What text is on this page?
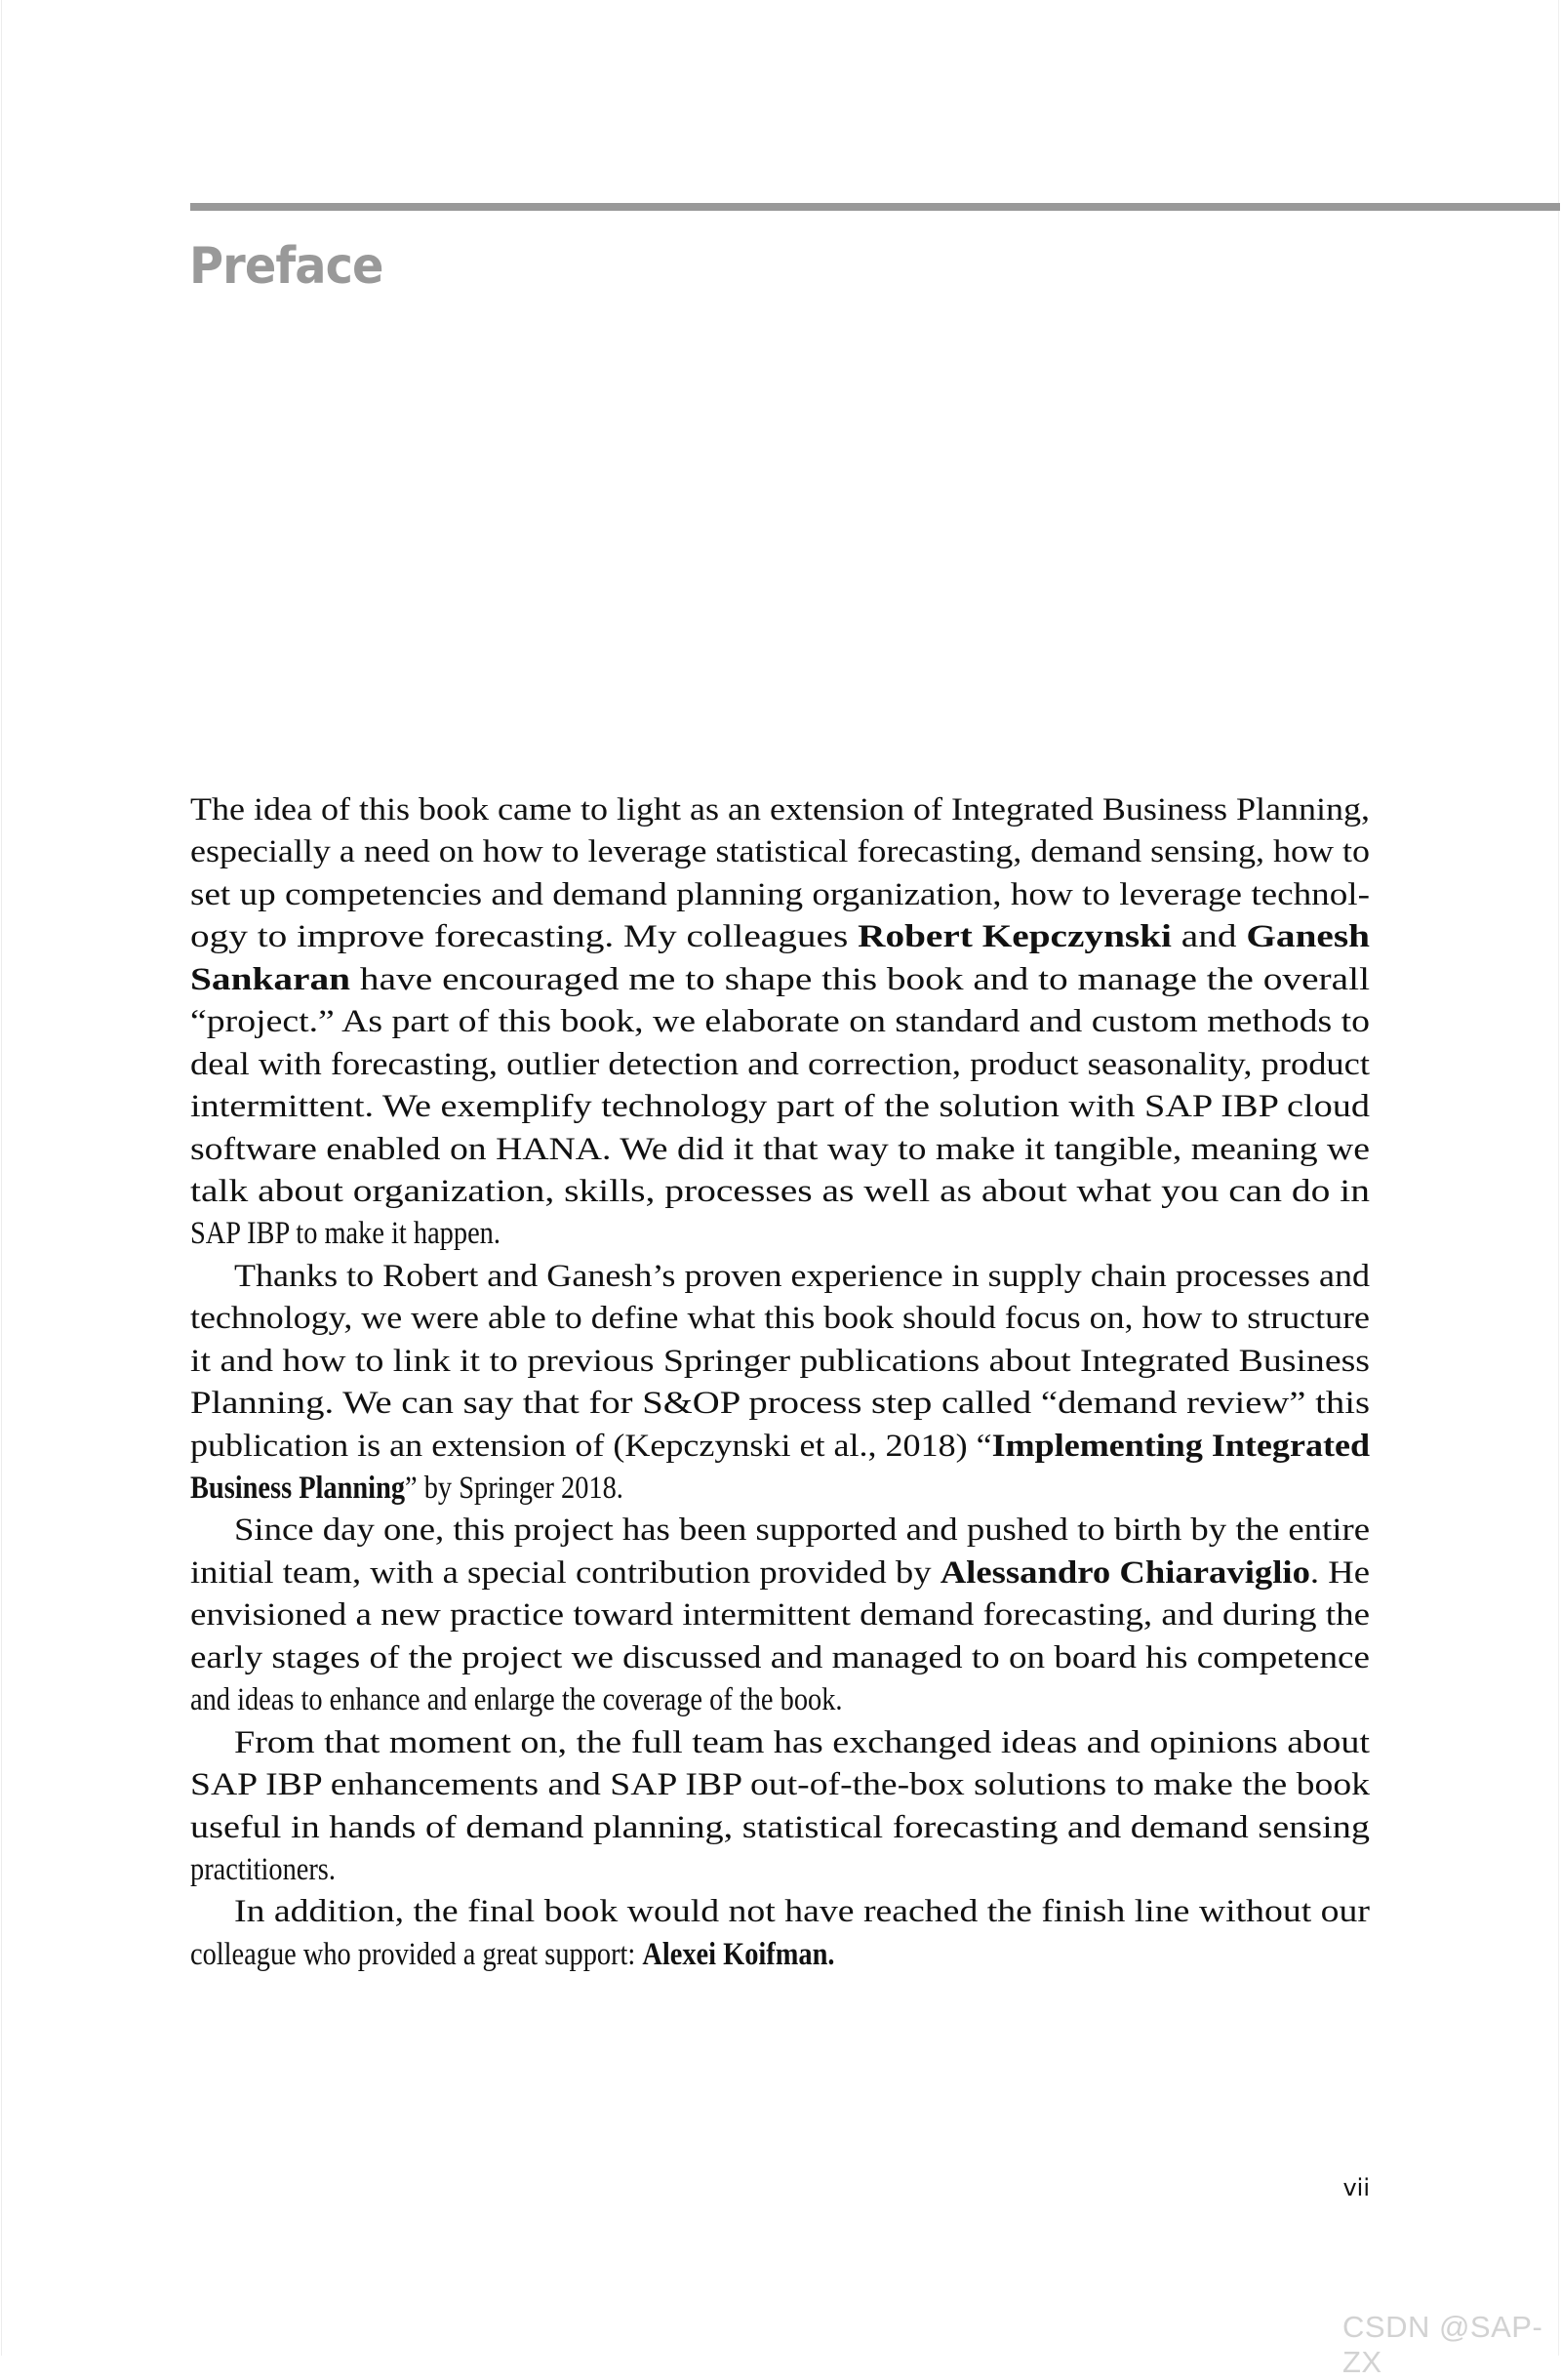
Preface
The idea of this book came to light as an extension of Integrated Business Planning,
especially a need on how to leverage statistical forecasting, demand sensing, how to
set up competencies and demand planning organization, how to leverage technol-
ogy to improve forecasting. My colleagues Robert Kepczynski and Ganesh
Sankaran have encouraged me to shape this book and to manage the overall
“project.” As part of this book, we elaborate on standard and custom methods to
deal with forecasting, outlier detection and correction, product seasonality, product
intermittent. We exemplify technology part of the solution with SAP IBP cloud
software enabled on HANA. We did it that way to make it tangible, meaning we
talk about organization, skills, processes as well as about what you can do in
SAP IBP to make it happen.
Thanks to Robert and Ganesh’s proven experience in supply chain processes and
technology, we were able to define what this book should focus on, how to structure
it and how to link it to previous Springer publications about Integrated Business
Planning. We can say that for S&OP process step called “demand review” this
publication is an extension of (Kepczynski et al., 2018) “Implementing Integrated
Business Planning” by Springer 2018.
Since day one, this project has been supported and pushed to birth by the entire
initial team, with a special contribution provided by Alessandro Chiaraviglio. He
envisioned a new practice toward intermittent demand forecasting, and during the
early stages of the project we discussed and managed to on board his competence
and ideas to enhance and enlarge the coverage of the book.
From that moment on, the full team has exchanged ideas and opinions about
SAP IBP enhancements and SAP IBP out-of-the-box solutions to make the book
useful in hands of demand planning, statistical forecasting and demand sensing
practitioners.
In addition, the final book would not have reached the finish line without our
colleague who provided a great support: Alexei Koifman.
vii
CSDN @SAP-ZX
